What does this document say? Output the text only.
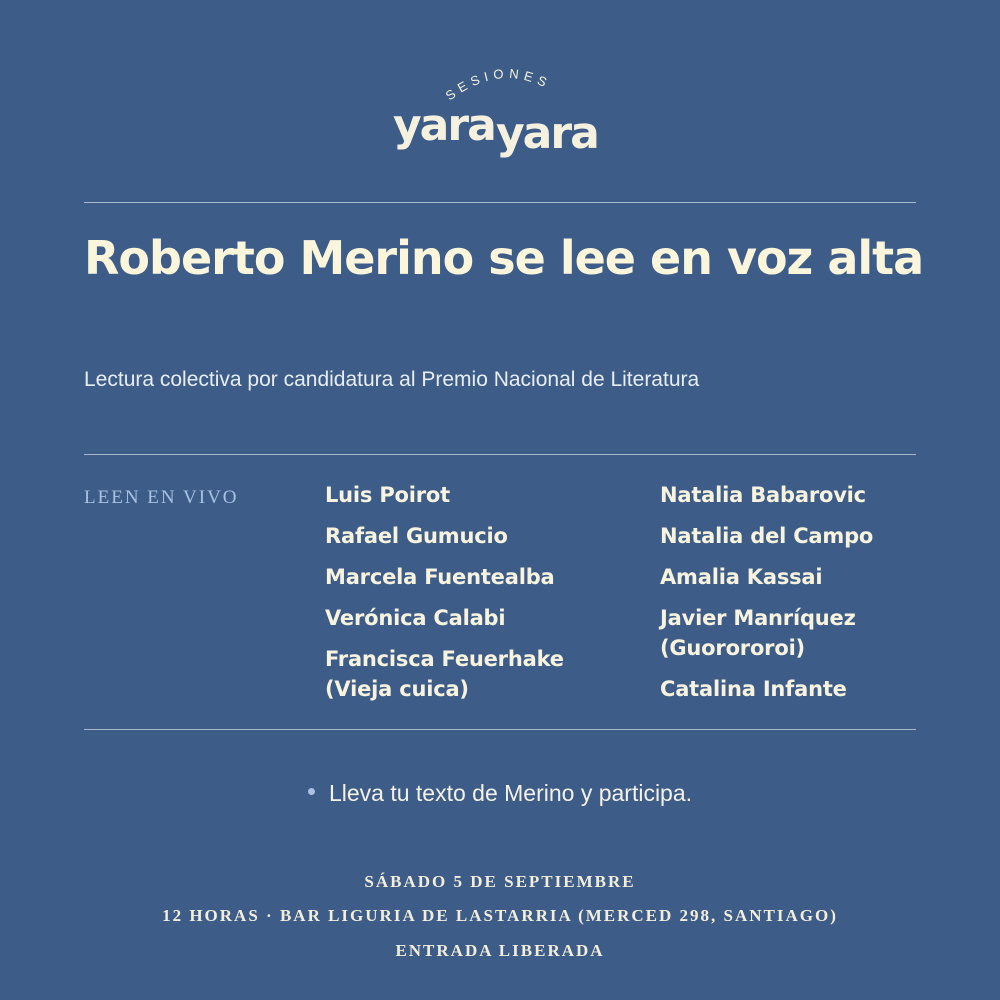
SESIONES
yara yara
Roberto Merino se lee en voz alta

Lectura colectiva por candidatura al Premio Nacional de Literatura

LEEN EN VIVO	Luis Poirot
Rafael Gumucio
Marcela Fuentealba
Verónica Calabi
Francisca Feuerhake (Vieja cuica)
Natalia Babarovic
Natalia del Campo
Amalia Kassai
Javier Manríquez (Guorororoi)
Catalina Infante
Lleva tu texto de Merino y participa.
SÁBADO 5 DE SEPTIEMBRE
12 HORAS · BAR LIGURIA DE LASTARRIA (MERCED 298, SANTIAGO)
ENTRADA LIBERADA
